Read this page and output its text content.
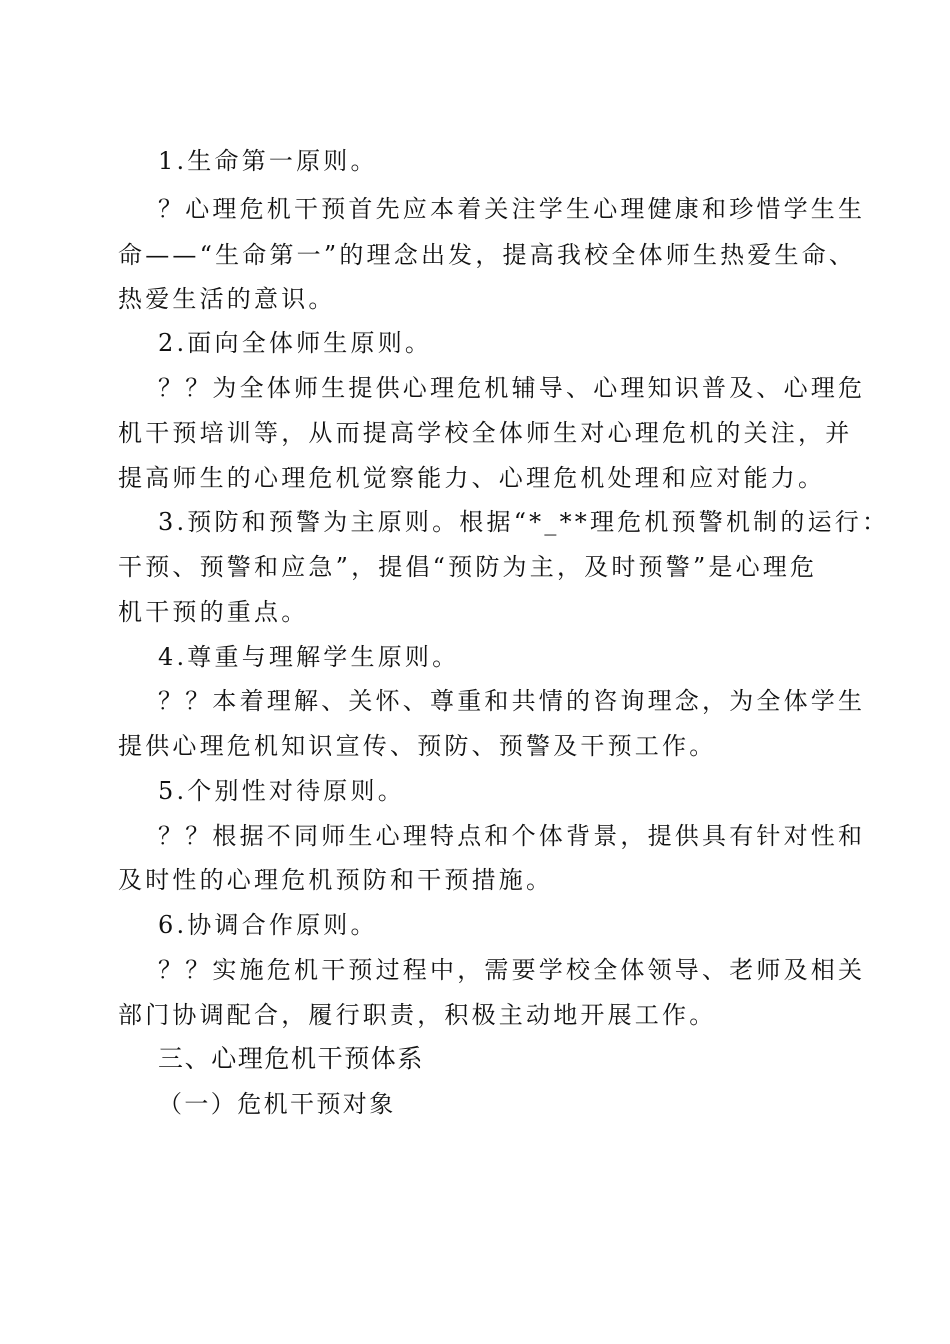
1.生命第一原则。
？心理危机干预首先应本着关注学生心理健康和珍惜学生生
命——“生命第一”的理念出发，提高我校全体师生热爱生命、
热爱生活的意识。
2.面向全体师生原则。
？？为全体师生提供心理危机辅导、心理知识普及、心理危
机干预培训等，从而提高学校全体师生对心理危机的关注，并
提高师生的心理危机觉察能力、心理危机处理和应对能力。
3.预防和预警为主原则。根据“*_**理危机预警机制的运行：
干预、预警和应急”，提倡“预防为主，及时预警”是心理危
机干预的重点。
4.尊重与理解学生原则。
？？本着理解、关怀、尊重和共情的咨询理念，为全体学生
提供心理危机知识宣传、预防、预警及干预工作。
5.个别性对待原则。
？？根据不同师生心理特点和个体背景，提供具有针对性和
及时性的心理危机预防和干预措施。
6.协调合作原则。
？？实施危机干预过程中，需要学校全体领导、老师及相关
部门协调配合，履行职责，积极主动地开展工作。
三、心理危机干预体系
（一）危机干预对象
